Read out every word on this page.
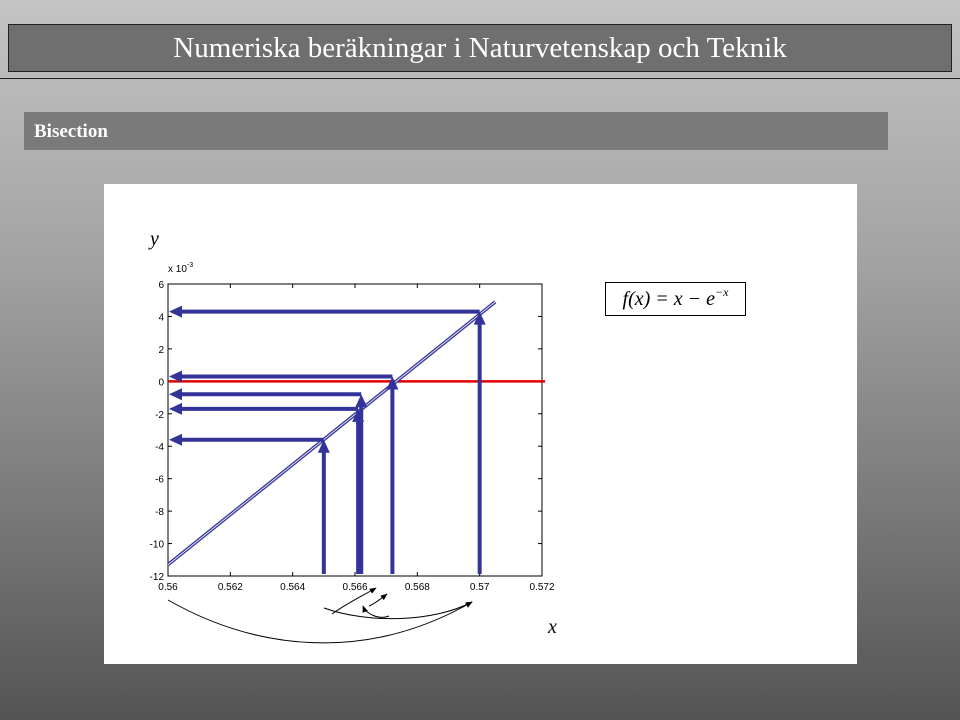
Numeriska beräkningar i Naturvetenskap och Teknik
Bisection
0.56	0.562	0.564	0.566	0.568	0.57	0.572
6
4
2
0
-2
-4
-6
-8
-10
-12
x $10^{-3}$
$f(x) = x - e^{-x}$
y
x
